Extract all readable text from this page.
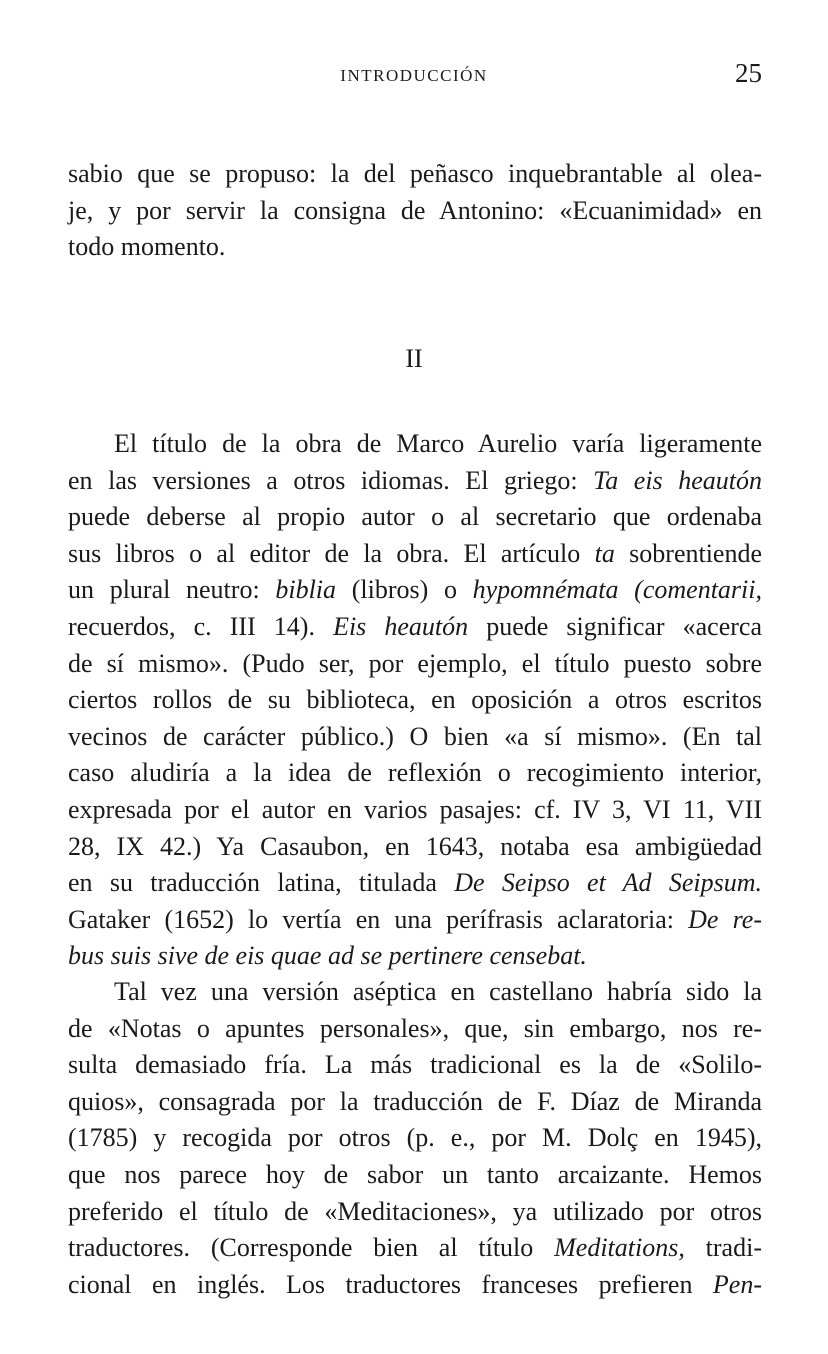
INTRODUCCIÓN	25
sabio que se propuso: la del peñasco inquebrantable al olea-
je, y por servir la consigna de Antonino: «Ecuanimidad» en
todo momento.
II
El título de la obra de Marco Aurelio varía ligeramente
en las versiones a otros idiomas. El griego: Ta eis heautón
puede deberse al propio autor o al secretario que ordenaba
sus libros o al editor de la obra. El artículo ta sobrentiende
un plural neutro: biblia (libros) o hypomnémata (comentarii,
recuerdos, c. III 14). Eis heautón puede significar «acerca
de sí mismo». (Pudo ser, por ejemplo, el título puesto sobre
ciertos rollos de su biblioteca, en oposición a otros escritos
vecinos de carácter público.) O bien «a sí mismo». (En tal
caso aludiría a la idea de reflexión o recogimiento interior,
expresada por el autor en varios pasajes: cf. IV 3, VI 11, VII
28, IX 42.) Ya Casaubon, en 1643, notaba esa ambigüedad
en su traducción latina, titulada De Seipso et Ad Seipsum.
Gataker (1652) lo vertía en una perífrasis aclaratoria: De re-
bus suis sive de eis quae ad se pertinere censebat.
Tal vez una versión aséptica en castellano habría sido la
de «Notas o apuntes personales», que, sin embargo, nos re-
sulta demasiado fría. La más tradicional es la de «Solilo-
quios», consagrada por la traducción de F. Díaz de Miranda
(1785) y recogida por otros (p. e., por M. Dolç en 1945),
que nos parece hoy de sabor un tanto arcaizante. Hemos
preferido el título de «Meditaciones», ya utilizado por otros
traductores. (Corresponde bien al título Meditations, tradi-
cional en inglés. Los traductores franceses prefieren Pen-
